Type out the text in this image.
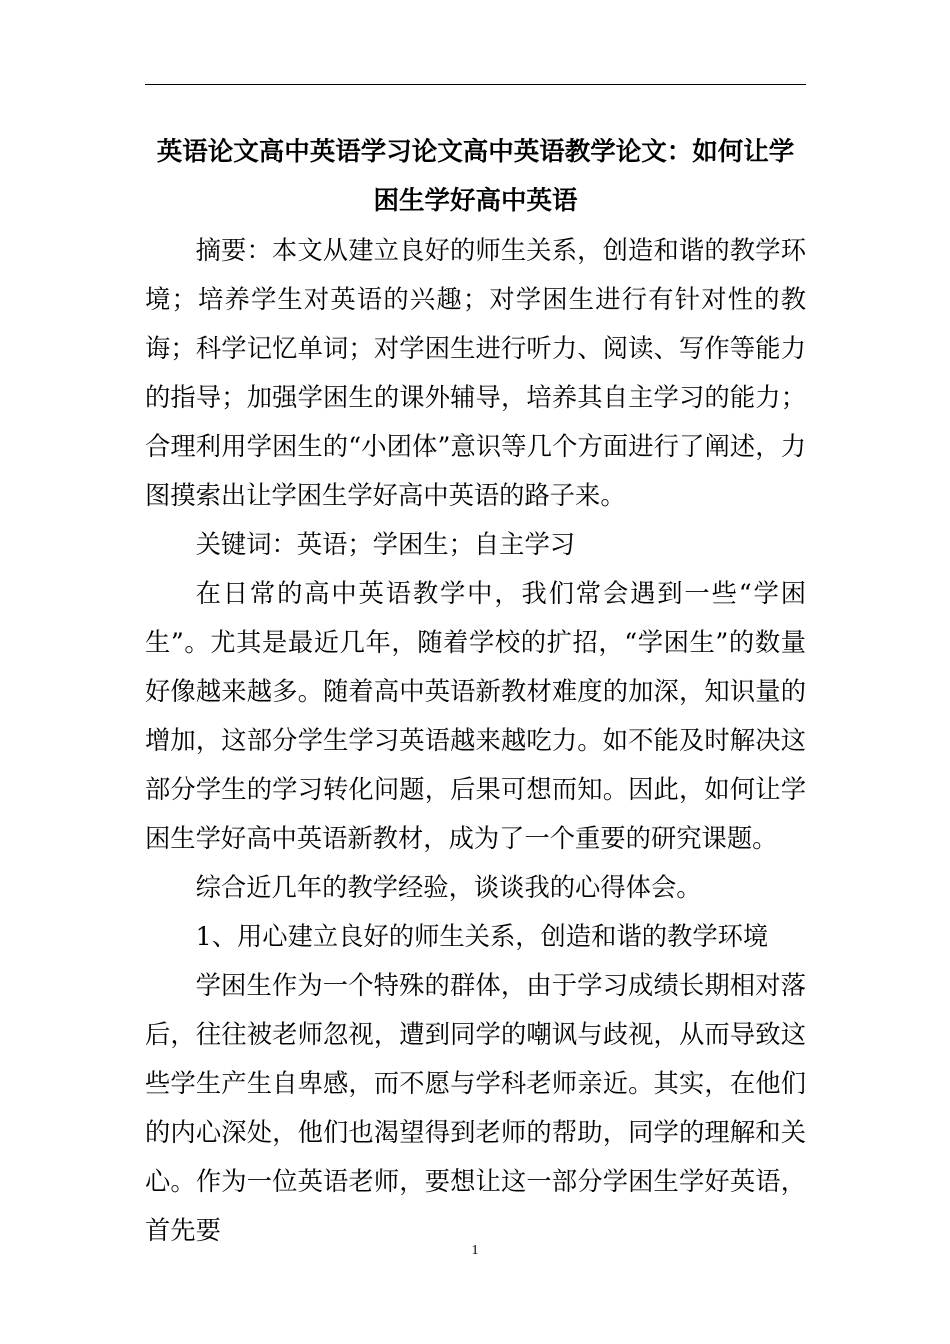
英语论文高中英语学习论文高中英语教学论文：如何让学困生学好高中英语

摘要：本文从建立良好的师生关系，创造和谐的教学环境；培养学生对英语的兴趣；对学困生进行有针对性的教诲；科学记忆单词；对学困生进行听力、阅读、写作等能力的指导；加强学困生的课外辅导，培养其自主学习的能力；合理利用学困生的“小团体”意识等几个方面进行了阐述，力图摸索出让学困生学好高中英语的路子来。

关键词：英语；学困生；自主学习

在日常的高中英语教学中，我们常会遇到一些“学困生”。尤其是最近几年，随着学校的扩招，“学困生”的数量好像越来越多。随着高中英语新教材难度的加深，知识量的增加，这部分学生学习英语越来越吃力。如不能及时解决这部分学生的学习转化问题，后果可想而知。因此，如何让学困生学好高中英语新教材，成为了一个重要的研究课题。

综合近几年的教学经验，谈谈我的心得体会。

1、用心建立良好的师生关系，创造和谐的教学环境

学困生作为一个特殊的群体，由于学习成绩长期相对落后，往往被老师忽视，遭到同学的嘲讽与歧视，从而导致这些学生产生自卑感，而不愿与学科老师亲近。其实，在他们的内心深处，他们也渴望得到老师的帮助，同学的理解和关心。作为一位英语老师，要想让这一部分学困生学好英语，首先要

1
